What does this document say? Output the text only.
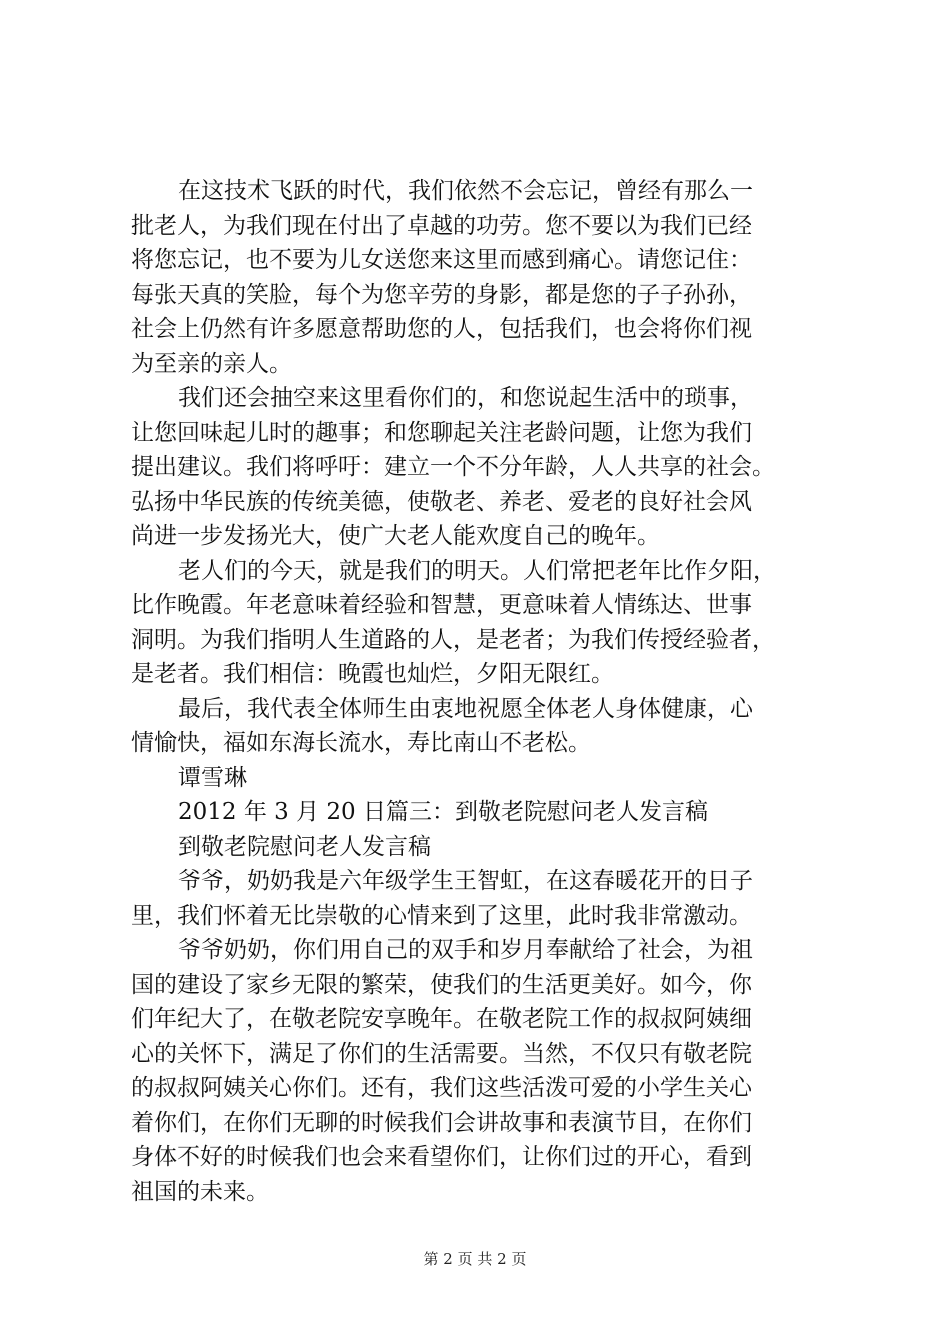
在这技术飞跃的时代，我们依然不会忘记，曾经有那么一
批老人，为我们现在付出了卓越的功劳。您不要以为我们已经
将您忘记，也不要为儿女送您来这里而感到痛心。请您记住：
每张天真的笑脸，每个为您辛劳的身影，都是您的子子孙孙，
社会上仍然有许多愿意帮助您的人，包括我们，也会将你们视
为至亲的亲人。
我们还会抽空来这里看你们的，和您说起生活中的琐事，
让您回味起儿时的趣事；和您聊起关注老龄问题，让您为我们
提出建议。我们将呼吁：建立一个不分年龄，人人共享的社会。
弘扬中华民族的传统美德，使敬老、养老、爱老的良好社会风
尚进一步发扬光大，使广大老人能欢度自己的晚年。
老人们的今天，就是我们的明天。人们常把老年比作夕阳，
比作晚霞。年老意味着经验和智慧，更意味着人情练达、世事
洞明。为我们指明人生道路的人，是老者；为我们传授经验者，
是老者。我们相信：晚霞也灿烂，夕阳无限红。
最后，我代表全体师生由衷地祝愿全体老人身体健康，心
情愉快，福如东海长流水，寿比南山不老松。
谭雪琳
2012 年 3 月 20 日篇三：到敬老院慰问老人发言稿
到敬老院慰问老人发言稿
爷爷，奶奶我是六年级学生王智虹，在这春暖花开的日子
里，我们怀着无比崇敬的心情来到了这里，此时我非常激动。
爷爷奶奶，你们用自己的双手和岁月奉献给了社会，为祖
国的建设了家乡无限的繁荣，使我们的生活更美好。如今，你
们年纪大了，在敬老院安享晚年。在敬老院工作的叔叔阿姨细
心的关怀下，满足了你们的生活需要。当然，不仅只有敬老院
的叔叔阿姨关心你们。还有，我们这些活泼可爱的小学生关心
着你们，在你们无聊的时候我们会讲故事和表演节目，在你们
身体不好的时候我们也会来看望你们，让你们过的开心，看到
祖国的未来。
第 2 页 共 2 页
